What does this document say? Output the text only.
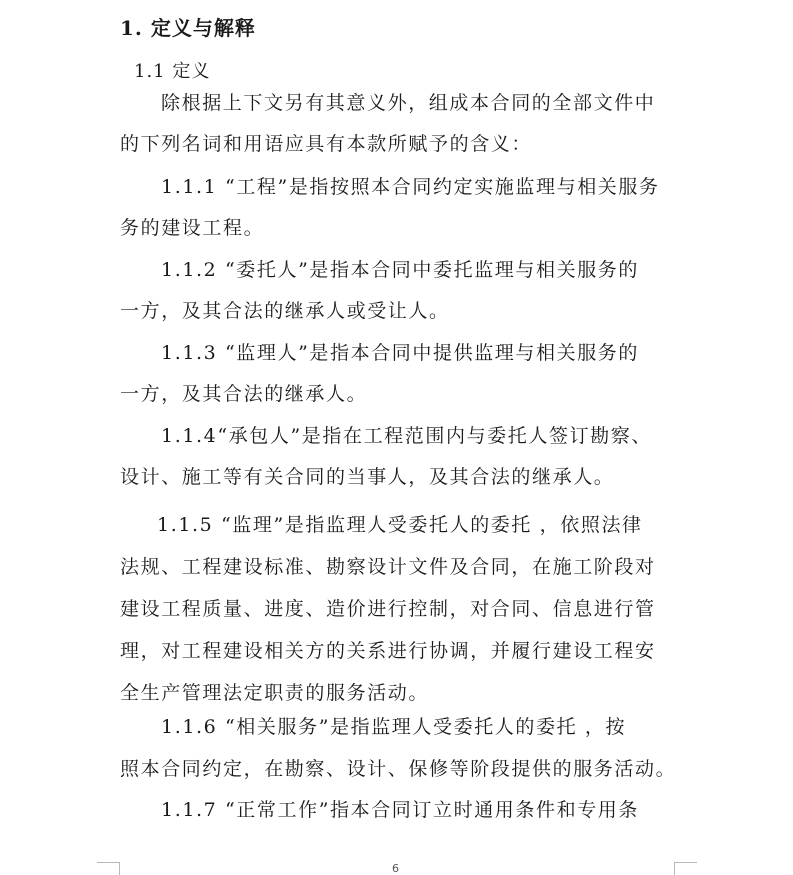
1. 定义与解释
1.1 定义
除根据上下文另有其意义外，组成本合同的全部文件中
的下列名词和用语应具有本款所赋予的含义：
1.1.1 “工程”是指按照本合同约定实施监理与相关服务
务的建设工程。
1.1.2 “委托人”是指本合同中委托监理与相关服务的
一方，及其合法的继承人或受让人。
1.1.3 “监理人”是指本合同中提供监理与相关服务的
一方，及其合法的继承人。
1.1.4“承包人”是指在工程范围内与委托人签订勘察、
设计、施工等有关合同的当事人，及其合法的继承人。
1.1.5 “监理”是指监理人受委托人的委托 ，依照法律
法规、工程建设标准、勘察设计文件及合同，在施工阶段对
建设工程质量、进度、造价进行控制，对合同、信息进行管
理，对工程建设相关方的关系进行协调，并履行建设工程安
全生产管理法定职责的服务活动。
1.1.6 “相关服务”是指监理人受委托人的委托 ，按
照本合同约定，在勘察、设计、保修等阶段提供的服务活动。
1.1.7 “正常工作”指本合同订立时通用条件和专用条
6
